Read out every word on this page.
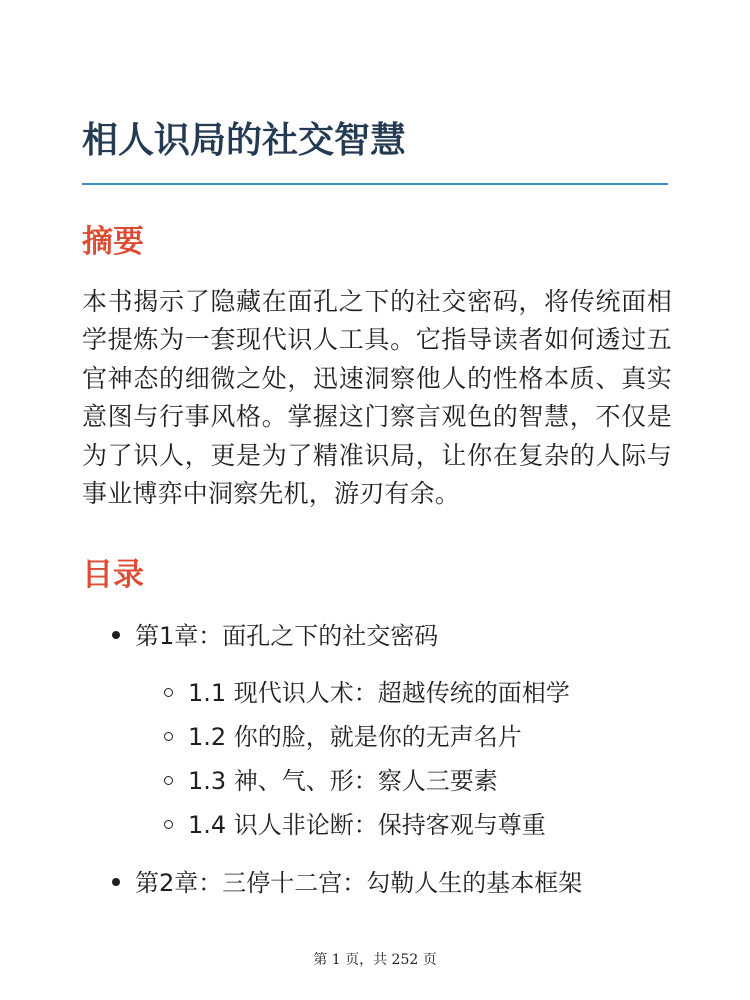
相人识局的社交智慧
摘要

本书揭示了隐藏在面孔之下的社交密码，将传统面相学提炼为一套现代识人工具。它指导读者如何透过五官神态的细微之处，迅速洞察他人的性格本质、真实意图与行事风格。掌握这门察言观色的智慧，不仅是为了识人，更是为了精准识局，让你在复杂的人际与事业博弈中洞察先机，游刃有余。

目录
第1章：面孔之下的社交密码
1.1 现代识人术：超越传统的面相学
1.2 你的脸，就是你的无声名片
1.3 神、气、形：察人三要素
1.4 识人非论断：保持客观与尊重
第2章：三停十二宫：勾勒人生的基本框架
第 1 页，共 252 页
